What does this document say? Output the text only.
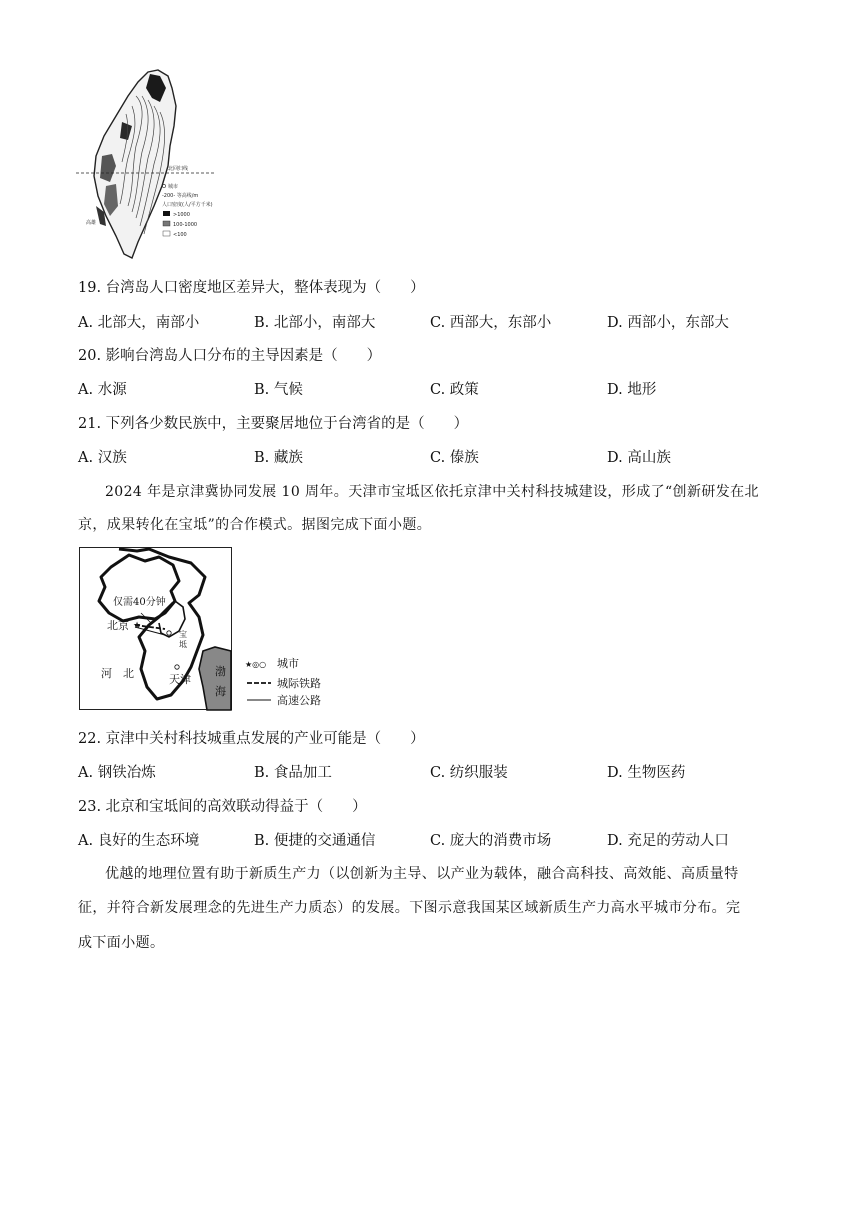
北回归线
城市
-200- 等高线/m
人口密度(人/平方千米)
>1000
100-1000
<100
高雄
19. 台湾岛人口密度地区差异大，整体表现为（　　）
A. 北部大，南部小	B. 北部小，南部大	C. 西部大，东部小	D. 西部小，东部大
20. 影响台湾岛人口分布的主导因素是（　　）
A. 水源	B. 气候	C. 政策	D. 地形
21. 下列各少数民族中，主要聚居地位于台湾省的是（　　）
A. 汉族	B. 藏族	C. 傣族	D. 高山族
2024 年是京津冀协同发展 10 周年。天津市宝坻区依托京津中关村科技城建设，形成了“创新研发在北
京，成果转化在宝坻”的合作模式。据图完成下面小题。
渤
海
★
北京
仅需40分钟
宝
坻
天津
河　北
★◎○ 城市
城际铁路
高速公路
22. 京津中关村科技城重点发展的产业可能是（　　）
A. 钢铁冶炼	B. 食品加工	C. 纺织服装	D. 生物医药
23. 北京和宝坻间的高效联动得益于（　　）
A. 良好的生态环境	B. 便捷的交通通信	C. 庞大的消费市场	D. 充足的劳动人口
优越的地理位置有助于新质生产力（以创新为主导、以产业为载体，融合高科技、高效能、高质量特
征，并符合新发展理念的先进生产力质态）的发展。下图示意我国某区域新质生产力高水平城市分布。完
成下面小题。
